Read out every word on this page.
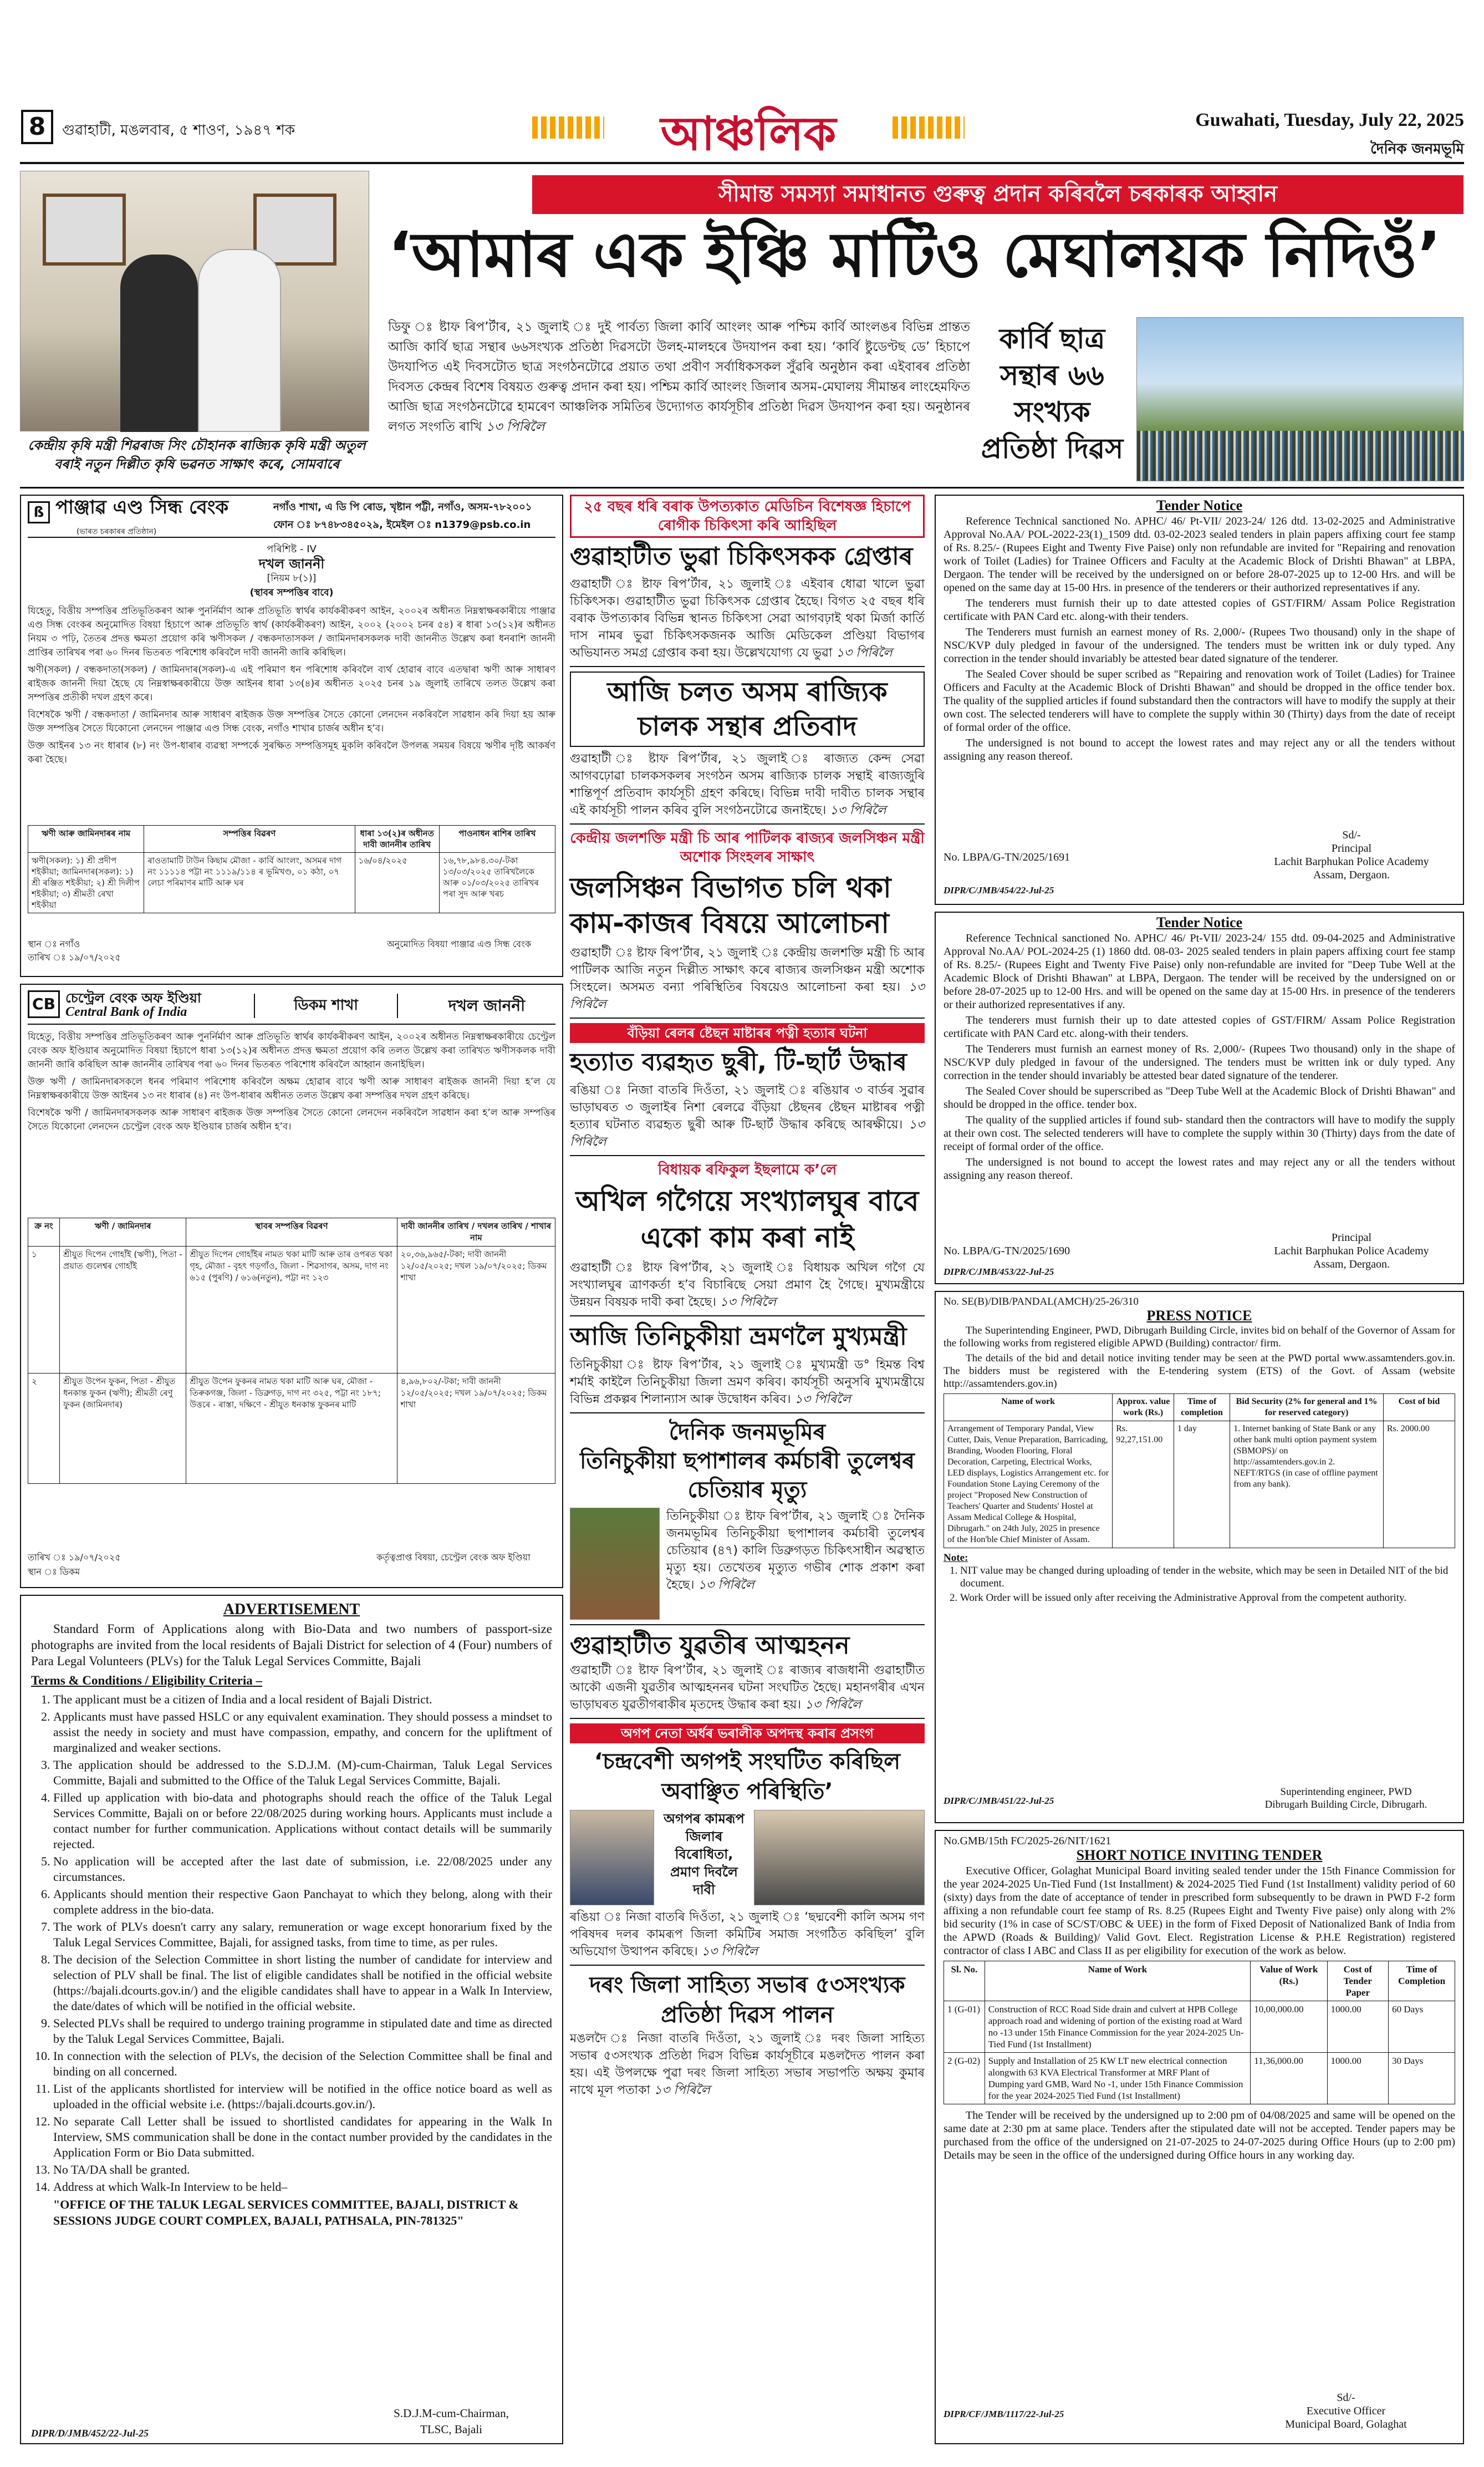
8	গুৱাহাটী, মঙলবাৰ, ৫ শাওণ, ১৯৪৭ শক	আঞ্চলিক	Guwahati, Tuesday, July 22, 2025
দৈনিক জনমভূমি
কেন্দ্ৰীয় কৃষি মন্ত্ৰী শিৱৰাজ সিং চৌহানক ৰাজ্যিক কৃষি মন্ত্ৰী অতুল বৰাই নতুন দিল্লীত কৃষি ভৱনত সাক্ষাৎ কৰে, সোমবাৰে
সীমান্ত সমস্যা সমাধানত গুৰুত্ব প্ৰদান কৰিবলৈ চৰকাৰক আহ্বান
‘আমাৰ এক ইঞ্চি মাটিও মেঘালয়ক নিদিওঁ’
ডিফু ঃ ষ্টাফ ৰিপ’ৰ্টাৰ, ২১ জুলাই ঃ দুই পাৰ্বত্য জিলা কাৰ্বি আংলং আৰু পশ্চিম কাৰ্বি আংলঙৰ বিভিন্ন প্ৰান্তত আজি কাৰ্বি ছাত্ৰ সন্থাৰ ৬৬সংখ্যক প্ৰতিষ্ঠা দিৱসটো উলহ-মালহৰে উদযাপন কৰা হয়। ‘কাৰ্বি ষ্টুডেণ্টছ ডে’ হিচাপে উদযাপিত এই দিবসটোত ছাত্ৰ সংগঠনটোৱে প্ৰয়াত তথা প্ৰবীণ সৰ্বাধিকসকল সুঁৱৰি অনুষ্ঠান কৰা এইবাৰৰ প্ৰতিষ্ঠা দিবসত কেন্দ্ৰৰ বিশেষ বিষয়ত গুৰুত্ব প্ৰদান কৰা হয়। পশ্চিম কাৰ্বি আংলং জিলাৰ অসম-মেঘালয় সীমান্তৰ লাংহেমফিত আজি ছাত্ৰ সংগঠনটোৱে হামৰেণ আঞ্চলিক সমিতিৰ উদ্যোগত কাৰ্যসূচীৰ প্ৰতিষ্ঠা দিৱস উদযাপন কৰা হয়। অনুষ্ঠানৰ লগত সংগতি ৰাখি ১৩ পিৰিলৈ
কাৰ্বি ছাত্ৰ সন্থাৰ ৬৬ সংখ্যক প্ৰতিষ্ঠা দিৱস
ß পাঞ্জাৱ এণ্ড সিন্ধ বেংক
(ভাৰত চৰকাৰৰ প্ৰতিষ্ঠান)
নগাঁও শাখা, এ ডি পি ৰোড, খৃষ্টান পট্টী, নগাঁও, অসম-৭৮২০০১
ফোন ঃ ৮৭৪৮৩৪৫০২৯, ইমেইল ঃ n1379@psb.co.in
পৰিশিষ্ট - IV
দখল জাননী
[নিয়ম ৮(১)]
(স্থাবৰ সম্পত্তিৰ বাবে)

যিহেতু, বিত্তীয় সম্পত্তিৰ প্ৰতিভূতিকৰণ আৰু পুনৰ্নিৰ্মাণ আৰু প্ৰতিভূতি স্বাৰ্থৰ কাৰ্যকৰীকৰণ আইন, ২০০২ৰ অধীনত নিম্নস্বাক্ষৰকাৰীয়ে পাঞ্জাৱ এণ্ড সিন্ধ বেংকৰ অনুমোদিত বিষয়া হিচাপে আৰু প্ৰতিভূতি স্বাৰ্থ (কাৰ্যকৰীকৰণ) আইন, ২০০২ (২০০২ চনৰ ৫৪) ৰ ধাৰা ১৩(১২)ৰ অধীনত নিয়ম ৩ পঢ়ি, তৈতৰ প্ৰদত্ত ক্ষমতা প্ৰয়োগ কৰি ঋণীসকল / বন্ধকদাতাসকল / জামিনদাৰসকলক দাবী জাননীত উল্লেখ কৰা ধনৰাশি জাননী প্ৰাপ্তিৰ তাৰিখৰ পৰা ৬০ দিনৰ ভিতৰত পৰিশোধ কৰিবলৈ দাবী জাননী জাৰি কৰিছিল।

ঋণী(সকল) / বন্ধকদাতা(সকল) / জামিনদাৰ(সকল)-এ এই পৰিমাণ ধন পৰিশোধ কৰিবলৈ ব্যৰ্থ হোৱাৰ বাবে এতদ্বাৰা ঋণী আৰু সাধাৰণ ৰাইজক জাননী দিয়া হৈছে যে নিম্নস্বাক্ষৰকাৰীয়ে উক্ত আইনৰ ধাৰা ১৩(৪)ৰ অধীনত ২০২৫ চনৰ ১৯ জুলাই তাৰিখে তলত উল্লেখ কৰা সম্পত্তিৰ প্ৰতীকী দখল গ্ৰহণ কৰে।

বিশেষকৈ ঋণী / বন্ধকদাতা / জামিনদাৰ আৰু সাধাৰণ ৰাইজক উক্ত সম্পত্তিৰ সৈতে কোনো লেনদেন নকৰিবলৈ সাৱধান কৰি দিয়া হয় আৰু উক্ত সম্পত্তিৰ সৈতে যিকোনো লেনদেন পাঞ্জাৱ এণ্ড সিন্ধ বেংক, নগাঁও শাখাৰ চাৰ্জৰ অধীন হ’ব।

উক্ত আইনৰ ১৩ নং ধাৰাৰ (৮) নং উপ-ধাৰাৰ ব্যৱস্থা সম্পৰ্কে সুৰক্ষিত সম্পত্তিসমূহ মুকলি কৰিবলৈ উপলব্ধ সময়ৰ বিষয়ে ঋণীৰ দৃষ্টি আকৰ্ষণ কৰা হৈছে।

ঋণী আৰু জামিনদাৰৰ নাম	সম্পত্তিৰ বিৱৰণ	ধাৰা ১৩(২)ৰ অধীনত দাবী জাননীৰ তাৰিখ	পাওনাধন ৰাশিৰ তাৰিখ
ঋণী(সকল): ১) শ্ৰী প্ৰদীপ শইকীয়া; জামিনদাৰ(সকল): ১) শ্ৰী ৰঞ্জিত শইকীয়া; ২) শ্ৰী দিলীপ শইকীয়া; ৩) শ্ৰীমতী ৰেখা শইকীয়া	ৰাওতামাটি টাউন কিছাম মৌজা - কাৰ্বি আংলং, অসমৰ দাগ নং ১১১১৪ পট্টা নং ১১১৯/১১৪ ৰ ভূমিখণ্ড, ০১ কঠা, ০৭ লেচা পৰিমাণৰ মাটি আৰু ঘৰ	১৬/০৪/২০২৫	১৬,৭৮,৯৮৪.৩০/-টকা ১৩/০৩/২০২৫ তাৰিখলৈকে আৰু ০১/০৩/২০২৫ তাৰিখৰ পৰা সুদ আৰু খৰচ
তাৰিখ ঃ ১৯/০৭/২০২৫
স্থান ঃ নগাঁও	অনুমোদিত বিষয়া পাঞ্জাৱ এণ্ড সিন্ধ বেংক
CB চেণ্ট্ৰেল বেংক অফ ইণ্ডিয়া
Central Bank of India	ডিকম শাখা	দখল জাননী

যিহেতু, বিত্তীয় সম্পত্তিৰ প্ৰতিভূতিকৰণ আৰু পুনৰ্নিৰ্মাণ আৰু প্ৰতিভূতি স্বাৰ্থৰ কাৰ্যকৰীকৰণ আইন, ২০০২ৰ অধীনত নিম্নস্বাক্ষৰকাৰীয়ে চেণ্ট্ৰেল বেংক অফ ইণ্ডিয়াৰ অনুমোদিত বিষয়া হিচাপে ধাৰা ১৩(১২)ৰ অধীনত প্ৰদত্ত ক্ষমতা প্ৰয়োগ কৰি তলত উল্লেখ কৰা তাৰিখত ঋণীসকলক দাবী জাননী জাৰি কৰিছিল আৰু জাননীৰ তাৰিখৰ পৰা ৬০ দিনৰ ভিতৰত পৰিশোধ কৰিবলৈ আহ্বান জনাইছিল।

উক্ত ঋণী / জামিনদাৰসকলে ধনৰ পৰিমাণ পৰিশোধ কৰিবলৈ অক্ষম হোৱাৰ বাবে ঋণী আৰু সাধাৰণ ৰাইজক জাননী দিয়া হ’ল যে নিম্নস্বাক্ষৰকাৰীয়ে উক্ত আইনৰ ১৩ নং ধাৰাৰ (৪) নং উপ-ধাৰাৰ অধীনত তলত উল্লেখ কৰা সম্পত্তিৰ দখল গ্ৰহণ কৰিছে।

বিশেষকৈ ঋণী / জামিনদাৰসকলক আৰু সাধাৰণ ৰাইজক উক্ত সম্পত্তিৰ সৈতে কোনো লেনদেন নকৰিবলৈ সাৱধান কৰা হ’ল আৰু সম্পত্তিৰ সৈতে যিকোনো লেনদেন চেণ্ট্ৰেল বেংক অফ ইণ্ডিয়াৰ চাৰ্জৰ অধীন হ’ব।

ক্ৰ নং	ঋণী / জামিনদাৰ	স্থাবৰ সম্পত্তিৰ বিৱৰণ	দাবী জাননীৰ তাৰিখ / দখলৰ তাৰিখ / শাখাৰ নাম
১	শ্ৰীযুত দিপেন গোহাঁই (ঋণী), পিতা - প্ৰয়াত গুলেশ্বৰ গোহাঁই	শ্ৰীযুত দিপেন গোহাঁইৰ নামত থকা মাটি আৰু তাৰ ওপৰত থকা গৃহ, মৌজা - বৃহৎ গড়গাঁও, জিলা - শিৱসাগৰ, অসম, দাগ নং ৬১৫ (পুৰণি) / ৬১৬(নতুন), পট্টা নং ১২৩	২০,৩৬,৯৬৫/-টকা; দাবী জাননী ১২/০৫/২০২৫; দখল ১৯/০৭/২০২৫; ডিকম শাখা
২	শ্ৰীযুত উপেন ফুকন, পিতা - শ্ৰীযুত ধনকান্ত ফুকন (ঋণী); শ্ৰীমতী ৰেণু ফুকন (জামিনদাৰ)	শ্ৰীযুত উপেন ফুকনৰ নামত থকা মাটি আৰু ঘৰ, মৌজা - তিৰুকগঞ্জ, জিলা - ডিব্ৰুগড়, দাগ নং ৩২৫, পট্টা নং ১৮৭; উত্তৰে - ৰাস্তা, দক্ষিণে - শ্ৰীযুত ধনকান্ত ফুকনৰ মাটি	৪,৯৬,৮০২/-টকা; দাবী জাননী ১২/০৫/২০২৫; দখল ১৯/০৭/২০২৫; ডিকম শাখা
তাৰিখ ঃ ১৯/০৭/২০২৫
স্থান ঃ ডিকম
কৰ্তৃত্বপ্ৰাপ্ত বিষয়া, চেণ্ট্ৰেল বেংক অফ ইণ্ডিয়া
ADVERTISEMENT

Standard Form of Applications along with Bio-Data and two numbers of passport-size photographs are invited from the local residents of Bajali District for selection of 4 (Four) numbers of Para Legal Volunteers (PLVs) for the Taluk Legal Services Committe, Bajali

Terms & Conditions / Eligibility Criteria –
1. The applicant must be a citizen of India and a local resident of Bajali District.
2. Applicants must have passed HSLC or any equivalent examination. They should possess a mindset to assist the needy in society and must have compassion, empathy, and concern for the upliftment of marginalized and weaker sections.
3. The application should be addressed to the S.D.J.M. (M)-cum-Chairman, Taluk Legal Services Committe, Bajali and submitted to the Office of the Taluk Legal Services Committe, Bajali.
4. Filled up application with bio-data and photographs should reach the office of the Taluk Legal Services Committe, Bajali on or before 22/08/2025 during working hours. Applicants must include a contact number for further communication. Applications without contact details will be summarily rejected.
5. No application will be accepted after the last date of submission, i.e. 22/08/2025 under any circumstances.
6. Applicants should mention their respective Gaon Panchayat to which they belong, along with their complete address in the bio-data.
7. The work of PLVs doesn't carry any salary, remuneration or wage except honorarium fixed by the Taluk Legal Services Committee, Bajali, for assigned tasks, from time to time, as per rules.
8. The decision of the Selection Committee in short listing the number of candidate for interview and selection of PLV shall be final. The list of eligible candidates shall be notified in the official website (https://bajali.dcourts.gov.in/) and the eligible candidates shall have to appear in a Walk In Interview, the date/dates of which will be notified in the official website.
9. Selected PLVs shall be required to undergo training programme in stipulated date and time as directed by the Taluk Legal Services Committee, Bajali.
10. In connection with the selection of PLVs, the decision of the Selection Committee shall be final and binding on all concerned.
11. List of the applicants shortlisted for interview will be notified in the office notice board as well as uploaded in the official website i.e. (https://bajali.dcourts.gov.in/).
12. No separate Call Letter shall be issued to shortlisted candidates for appearing in the Walk In Interview, SMS communication shall be done in the contact number provided by the candidates in the Application Form or Bio Data submitted.
13. No TA/DA shall be granted.
14. Address at which Walk-In Interview to be held–
"OFFICE OF THE TALUK LEGAL SERVICES COMMITTEE, BAJALI, DISTRICT & SESSIONS JUDGE COURT COMPLEX, BAJALI, PATHSALA, PIN-781325"
S.D.J.M-cum-Chairman, TLSC, Bajali
DIPR/D/JMB/452/22-Jul-25
২৫ বছৰ ধৰি বৰাক উপত্যকাত মেডিচিন বিশেষজ্ঞ হিচাপে ৰোগীক চিকিৎসা কৰি আহিছিল
গুৱাহাটীত ভুৱা চিকিৎসকক গ্ৰেপ্তাৰ
গুৱাহাটী ঃ ষ্টাফ ৰিপ’ৰ্টাৰ, ২১ জুলাই ঃ এইবাৰ ধোৱা খালে ভুৱা চিকিৎসক। গুৱাহাটীত ভুৱা চিকিৎসক গ্ৰেপ্তাৰ হৈছে। বিগত ২৫ বছৰ ধৰি বৰাক উপত্যকাৰ বিভিন্ন স্থানত চিকিৎসা সেৱা আগবঢ়াই থকা মিৰ্জা কাৰ্তি দাস নামৰ ভুৱা চিকিৎসকজনক আজি মেডিকেল প্ৰণ্ডিয়া বিভাগৰ অভিযানত সমগ্ৰ গ্ৰেপ্তাৰ কৰা হয়। উল্লেখযোগ্য যে ভুৱা ১৩ পিৰিলৈ
আজি চলত অসম ৰাজ্যিক চালক সন্থাৰ প্ৰতিবাদ
গুৱাহাটী ঃ ষ্টাফ ৰিপ’ৰ্টাৰ, ২১ জুলাই ঃ ৰাজ্যত কেন্দ সেৱা আগবঢ়োৱা চালকসকলৰ সংগঠন অসম ৰাজ্যিক চালক সন্থাই ৰাজ্যজুৰি শান্তিপূৰ্ণ প্ৰতিবাদ কাৰ্যসূচী গ্ৰহণ কৰিছে। বিভিন্ন দাবী দাবীত চালক সন্থাৰ এই কাৰ্যসূচী পালন কৰিব বুলি সংগঠনটোৱে জনাইছে। ১৩ পিৰিলৈ
কেন্দ্ৰীয় জলশক্তি মন্ত্ৰী চি আৰ পাটিলক ৰাজ্যৰ জলসিঞ্চন মন্ত্ৰী অশোক সিংহলৰ সাক্ষাৎ
জলসিঞ্চন বিভাগত চলি থকা কাম-কাজৰ বিষয়ে আলোচনা
গুৱাহাটী ঃ ষ্টাফ ৰিপ’ৰ্টাৰ, ২১ জুলাই ঃ কেন্দ্ৰীয় জলশক্তি মন্ত্ৰী চি আৰ পাটিলক আজি নতুন দিল্লীত সাক্ষাৎ কৰে ৰাজ্যৰ জলসিঞ্চন মন্ত্ৰী অশোক সিংহলে। অসমত বন্যা পৰিস্থিতিৰ বিষয়েও আলোচনা কৰা হয়। ১৩ পিৰিলৈ
বঁড়িয়া ৰেলৰ ষ্টেছন মাষ্টাৰৰ পত্নী হত্যাৰ ঘটনা
হত্যাত ব্যৱহৃত ছুৰী, টি-ছাৰ্ট উদ্ধাৰ
ৰঙিয়া ঃ নিজা বাতৰি দিওঁতা, ২১ জুলাই ঃ ৰঙিয়াৰ ৩ বাৰ্ডৰ সুৱাৰ ভাড়াঘৰত ৩ জুলাইৰ নিশা ৰেলৱে বঁড়িয়া ষ্টেছনৰ ষ্টেছন মাষ্টাৰৰ পত্নী হত্যাৰ ঘটনাত ব্যৱহৃত ছুৰী আৰু টি-ছাৰ্ট উদ্ধাৰ কৰিছে আৰক্ষীয়ে। ১৩ পিৰিলৈ
বিধায়ক ৰফিকুল ইছলামে ক’লে
অখিল গগৈয়ে সংখ্যালঘুৰ বাবে একো কাম কৰা নাই
গুৱাহাটী ঃ ষ্টাফ ৰিপ’ৰ্টাৰ, ২১ জুলাই ঃ বিধায়ক অখিল গগৈ যে সংখ্যালঘুৰ ত্ৰাণকৰ্তা হ’ব বিচাৰিছে সেয়া প্ৰমাণ হৈ গৈছে। মুখ্যমন্ত্ৰীয়ে উন্নয়ন বিষয়ক দাবী কৰা হৈছে। ১৩ পিৰিলৈ
আজি তিনিচুকীয়া ভ্ৰমণলৈ মুখ্যমন্ত্ৰী
তিনিচুকীয়া ঃ ষ্টাফ ৰিপ’ৰ্টাৰ, ২১ জুলাই ঃ মুখ্যমন্ত্ৰী ড° হিমন্ত বিশ্ব শৰ্মাই কাইলৈ তিনিচুকীয়া জিলা ভ্ৰমণ কৰিব। কাৰ্যসূচী অনুসৰি মুখ্যমন্ত্ৰীয়ে বিভিন্ন প্ৰকল্পৰ শিলান্যাস আৰু উদ্বোধন কৰিব। ১৩ পিৰিলৈ
দৈনিক জনমভূমিৰ
তিনিচুকীয়া ছপাশালৰ কৰ্মচাৰী তুলেশ্বৰ চেতিয়াৰ মৃত্যু
তিনিচুকীয়া ঃ ষ্টাফ ৰিপ’ৰ্টাৰ, ২১ জুলাই ঃ দৈনিক জনমভূমিৰ তিনিচুকীয়া ছপাশালৰ কৰ্মচাৰী তুলেশ্বৰ চেতিয়াৰ (৪৭) কালি ডিব্ৰুগড়ত চিকিৎসাধীন অৱস্থাত মৃত্যু হয়। তেখেতৰ মৃত্যুত গভীৰ শোক প্ৰকাশ কৰা হৈছে। ১৩ পিৰিলৈ
গুৱাহাটীত যুৱতীৰ আত্মহনন
গুৱাহাটী ঃ ষ্টাফ ৰিপ’ৰ্টাৰ, ২১ জুলাই ঃ ৰাজ্যৰ ৰাজধানী গুৱাহাটীত আকৌ এজনী যুৱতীৰ আত্মহননৰ ঘটনা সংঘটিত হৈছে। মহানগৰীৰ এখন ভাড়াঘৰত যুৱতীগৰাকীৰ মৃতদেহ উদ্ধাৰ কৰা হয়। ১৩ পিৰিলৈ
অগপ নেতা অৰ্ধৰ ভৰালীক অপদস্থ কৰাৰ প্ৰসংগ
‘চন্দ্ৰবেশী অগপই সংঘটিত কৰিছিল অবাঞ্ছিত পৰিস্থিতি’
অগপৰ কামৰূপ জিলাৰ বিৰোধিতা, প্ৰমাণ দিবলৈ দাবী
ৰঙিয়া ঃ নিজা বাতৰি দিওঁতা, ২১ জুলাই ঃ ‘ছদ্মবেশী কালি অসম গণ পৰিষদৰ দলৰ কামৰূপ জিলা কমিটিৰ সমাজ সংগঠিত কৰিছিল’ বুলি অভিযোগ উত্থাপন কৰিছে। ১৩ পিৰিলৈ
দৰং জিলা সাহিত্য সভাৰ ৫৩সংখ্যক প্ৰতিষ্ঠা দিৱস পালন
মঙলদৈ ঃ নিজা বাতৰি দিওঁতা, ২১ জুলাই ঃ দৰং জিলা সাহিত্য সভাৰ ৫৩সংখ্যক প্ৰতিষ্ঠা দিৱস বিভিন্ন কাৰ্যসূচীৰে মঙলদৈত পালন কৰা হয়। এই উপলক্ষে পুৱা দৰং জিলা সাহিত্য সভাৰ সভাপতি অক্ষয় কুমাৰ নাথে মূল পতাকা ১৩ পিৰিলৈ
Tender Notice

Reference Technical sanctioned No. APHC/ 46/ Pt-VII/ 2023-24/ 126 dtd. 13-02-2025 and Administrative Approval No.AA/ POL-2022-23(1)_1509 dtd. 03-02-2023 sealed tenders in plain papers affixing court fee stamp of Rs. 8.25/- (Rupees Eight and Twenty Five Paise) only non refundable are invited for "Repairing and renovation work of Toilet (Ladies) for Trainee Officers and Faculty at the Academic Block of Drishti Bhawan" at LBPA, Dergaon. The tender will be received by the undersigned on or before 28-07-2025 up to 12-00 Hrs. and will be opened on the same day at 15-00 Hrs. in presence of the tenderers or their authorized representatives if any.

The tenderers must furnish their up to date attested copies of GST/FIRM/ Assam Police Registration certificate with PAN Card etc. along-with their tenders.

The Tenderers must furnish an earnest money of Rs. 2,000/- (Rupees Two thousand) only in the shape of NSC/KVP duly pledged in favour of the undersigned. The tenders must be written ink or duly typed. Any correction in the tender should invariably be attested bear dated signature of the tenderer.

The Sealed Cover should be super scribed as "Repairing and renovation work of Toilet (Ladies) for Trainee Officers and Faculty at the Academic Block of Drishti Bhawan" and should be dropped in the office tender box. The quality of the supplied articles if found substandard then the contractors will have to modify the supply at their own cost. The selected tenderers will have to complete the supply within 30 (Thirty) days from the date of receipt of formal order of the office.

The undersigned is not bound to accept the lowest rates and may reject any or all the tenders without assigning any reason thereof.

Sd/-
Principal
Lachit Barphukan Police Academy
Assam, Dergaon.
No. LBPA/G-TN/2025/1691
DIPR/C/JMB/454/22-Jul-25
Tender Notice

Reference Technical sanctioned No. APHC/ 46/ Pt-VII/ 2023-24/ 155 dtd. 09-04-2025 and Administrative Approval No.AA/ POL-2024-25 (1) 1860 dtd. 08-03- 2025 sealed tenders in plain papers affixing court fee stamp of Rs. 8.25/- (Rupees Eight and Twenty Five Paise) only non-refundable are invited for "Deep Tube Well at the Academic Block of Drishti Bhawan" at LBPA, Dergaon. The tender will be received by the undersigned on or before 28-07-2025 up to 12-00 Hrs. and will be opened on the same day at 15-00 Hrs. in presence of the tenderers or their authorized representatives if any.

The tenderers must furnish their up to date attested copies of GST/FIRM/ Assam Police Registration certificate with PAN Card etc. along-with their tenders.

The Tenderers must furnish an earnest money of Rs. 2,000/- (Rupees Two thousand) only in the shape of NSC/KVP duly pledged in favour of the undersigned. The tenders must be written ink or duly typed. Any correction in the tender should invariably be attested bear dated signature of the tenderer.

The Sealed Cover should be superscribed as "Deep Tube Well at the Academic Block of Drishti Bhawan" and should be dropped in the office. tender box.

The quality of the supplied articles if found sub- standard then the contractors will have to modify the supply at their own cost. The selected tenderers will have to complete the supply within 30 (Thirty) days from the date of receipt of formal order of the office.

The undersigned is not bound to accept the lowest rates and may reject any or all the tenders without assigning any reason thereof.

Principal
Lachit Barphukan Police Academy
Assam, Dergaon.
No. LBPA/G-TN/2025/1690
DIPR/C/JMB/453/22-Jul-25
No. SE(B)/DIB/PANDAL(AMCH)/25-26/310
PRESS NOTICE

The Superintending Engineer, PWD, Dibrugarh Building Circle, invites bid on behalf of the Governor of Assam for the following works from registered eligible APWD (Building) contractor/ firm.

The details of the bid and detail notice inviting tender may be seen at the PWD portal www.assamtenders.gov.in. The bidders must be registered with the E-tendering system (ETS) of the Govt. of Assam (website http://assamtenders.gov.in)

Name of work	Approx. value work (Rs.)	Time of completion	Bid Security (2% for general and 1% for reserved category)	Cost of bid
Arrangement of Temporary Pandal, View Cutter, Dais, Venue Preparation, Barricading, Branding, Wooden Flooring, Floral Decoration, Carpeting, Electrical Works, LED displays, Logistics Arrangement etc. for Foundation Stone Laying Ceremony of the project "Proposed New Construction of Teachers' Quarter and Students' Hostel at Assam Medical College & Hospital, Dibrugarh." on 24th July, 2025 in presence of the Hon'ble Chief Minister of Assam.	Rs. 92,27,151.00	1 day	1. Internet banking of State Bank or any other bank multi option payment system (SBMOPS)/ on http://assamtenders.gov.in 2. NEFT/RTGS (in case of offline payment from any bank).	Rs. 2000.00
Note:
1. NIT value may be changed during uploading of tender in the website, which may be seen in Detailed NIT of the bid document.
2. Work Order will be issued only after receiving the Administrative Approval from the competent authority.
Superintending engineer, PWD
Dibrugarh Building Circle, Dibrugarh.
DIPR/C/JMB/451/22-Jul-25
No.GMB/15th FC/2025-26/NIT/1621
SHORT NOTICE INVITING TENDER

Executive Officer, Golaghat Municipal Board inviting sealed tender under the 15th Finance Commission for the year 2024-2025 Un-Tied Fund (1st Installment) & 2024-2025 Tied Fund (1st Installment) validity period of 60 (sixty) days from the date of acceptance of tender in prescribed form subsequently to be drawn in PWD F-2 form affixing a non refundable court fee stamp of Rs. 8.25 (Rupees Eight and Twenty Five paise) only along with 2% bid security (1% in case of SC/ST/OBC & UEE) in the form of Fixed Deposit of Nationalized Bank of India from the APWD (Roads & Building)/ Valid Govt. Elect. Registration License & P.H.E Registration) registered contractor of class I ABC and Class II as per eligibility for execution of the work as below.

Sl. No.	Name of Work	Value of Work (Rs.)	Cost of Tender Paper	Time of Completion
1 (G-01)	Construction of RCC Road Side drain and culvert at HPB College approach road and widening of portion of the existing road at Ward no -13 under 15th Finance Commission for the year 2024-2025 Un-Tied Fund (1st Installment)	10,00,000.00	1000.00	60 Days
2 (G-02)	Supply and Installation of 25 KW LT new electrical connection alongwith 63 KVA Electrical Transformer at MRF Plant of Dumping yard GMB, Ward No -1, under 15th Finance Commission for the year 2024-2025 Tied Fund (1st Installment)	11,36,000.00	1000.00	30 Days

The Tender will be received by the undersigned up to 2:00 pm of 04/08/2025 and same will be opened on the same date at 2:30 pm at same place. Tenders after the stipulated date will not be accepted. Tender papers may be purchased from the office of the undersigned on 21-07-2025 to 24-07-2025 during Office Hours (up to 2:00 pm) Details may be seen in the office of the undersigned during Office hours in any working day.

Sd/-
Executive Officer
Municipal Board, Golaghat
DIPR/CF/JMB/1117/22-Jul-25
